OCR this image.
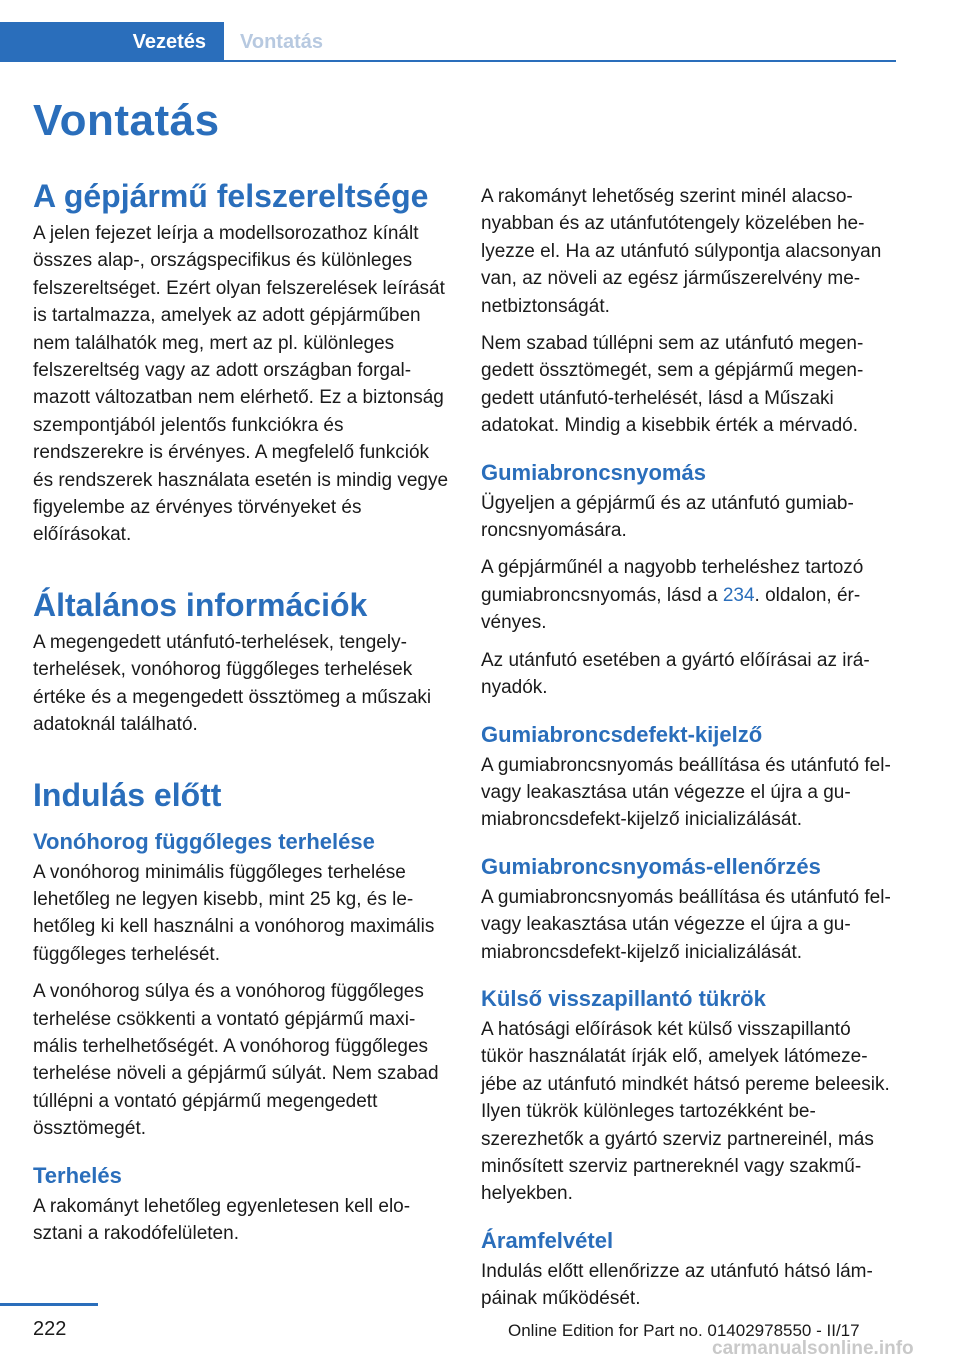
Vezetés	Vontatás
Vontatás
A gépjármű felszereltsége

A jelen fejezet leírja a modellsorozathoz kínált összes alap-, országspecifikus és különleges felszereltséget. Ezért olyan felszerelések leírását is tartalmazza, amelyek az adott gépjárműben nem találhatók meg, mert az pl. különleges felszereltség vagy az adott országban forgalmazott változatban nem elérhető. Ez a biztonság szempontjából jelentős funkciókra és rendszerekre is érvényes. A megfelelő funkciók és rendszerek használata esetén is mindig vegye figyelembe az érvényes törvényeket és előírásokat.

Általános információk

A megengedett utánfutó-terhelések, tengelyterhelések, vonóhorog függőleges terhelések értéke és a megengedett össztömeg a műszaki adatoknál található.

Indulás előtt
Vonóhorog függőleges terhelése

A vonóhorog minimális függőleges terhelése lehetőleg ne legyen kisebb, mint 25 kg, és lehetőleg ki kell használni a vonóhorog maximális függőleges terhelését.

A vonóhorog súlya és a vonóhorog függőleges terhelése csökkenti a vontató gépjármű maximális terhelhetőségét. A vonóhorog függőleges terhelése növeli a gépjármű súlyát. Nem szabad túllépni a vontató gépjármű megengedett össztömegét.

Terhelés

A rakományt lehetőleg egyenletesen kell elosztani a rakodófelületen.

A rakományt lehetőség szerint minél alacsonyabban és az utánfutótengely közelében helyezze el. Ha az utánfutó súlypontja alacsonyan van, az növeli az egész járműszerelvény menetbiztonságát.

Nem szabad túllépni sem az utánfutó megengedett össztömegét, sem a gépjármű megengedett utánfutó-terhelését, lásd a Műszaki adatokat. Mindig a kisebbik érték a mérvadó.

Gumiabroncsnyomás

Ügyeljen a gépjármű és az utánfutó gumiabroncsnyomására.

A gépjárműnél a nagyobb terheléshez tartozó gumiabroncsnyomás, lásd a 234. oldalon, érvényes.

Az utánfutó esetében a gyártó előírásai az irányadók.

Gumiabroncsdefekt-kijelző

A gumiabroncsnyomás beállítása és utánfutó fel- vagy leakasztása után végezze el újra a gumiabroncsdefekt-kijelző inicializálását.

Gumiabroncsnyomás-ellenőrzés

A gumiabroncsnyomás beállítása és utánfutó fel- vagy leakasztása után végezze el újra a gumiabroncsdefekt-kijelző inicializálását.

Külső visszapillantó tükrök

A hatósági előírások két külső visszapillantó tükör használatát írják elő, amelyek látómezejébe az utánfutó mindkét hátsó pereme beleesik. Ilyen tükrök különleges tartozékként beszerezhetők a gyártó szerviz partnereinél, más minősített szerviz partnereknél vagy szakműhelyekben.

Áramfelvétel

Indulás előtt ellenőrizze az utánfutó hátsó lámpáinak működését.

222	Online Edition for Part no. 01402978550 - II/17
carmanualsonline.info
